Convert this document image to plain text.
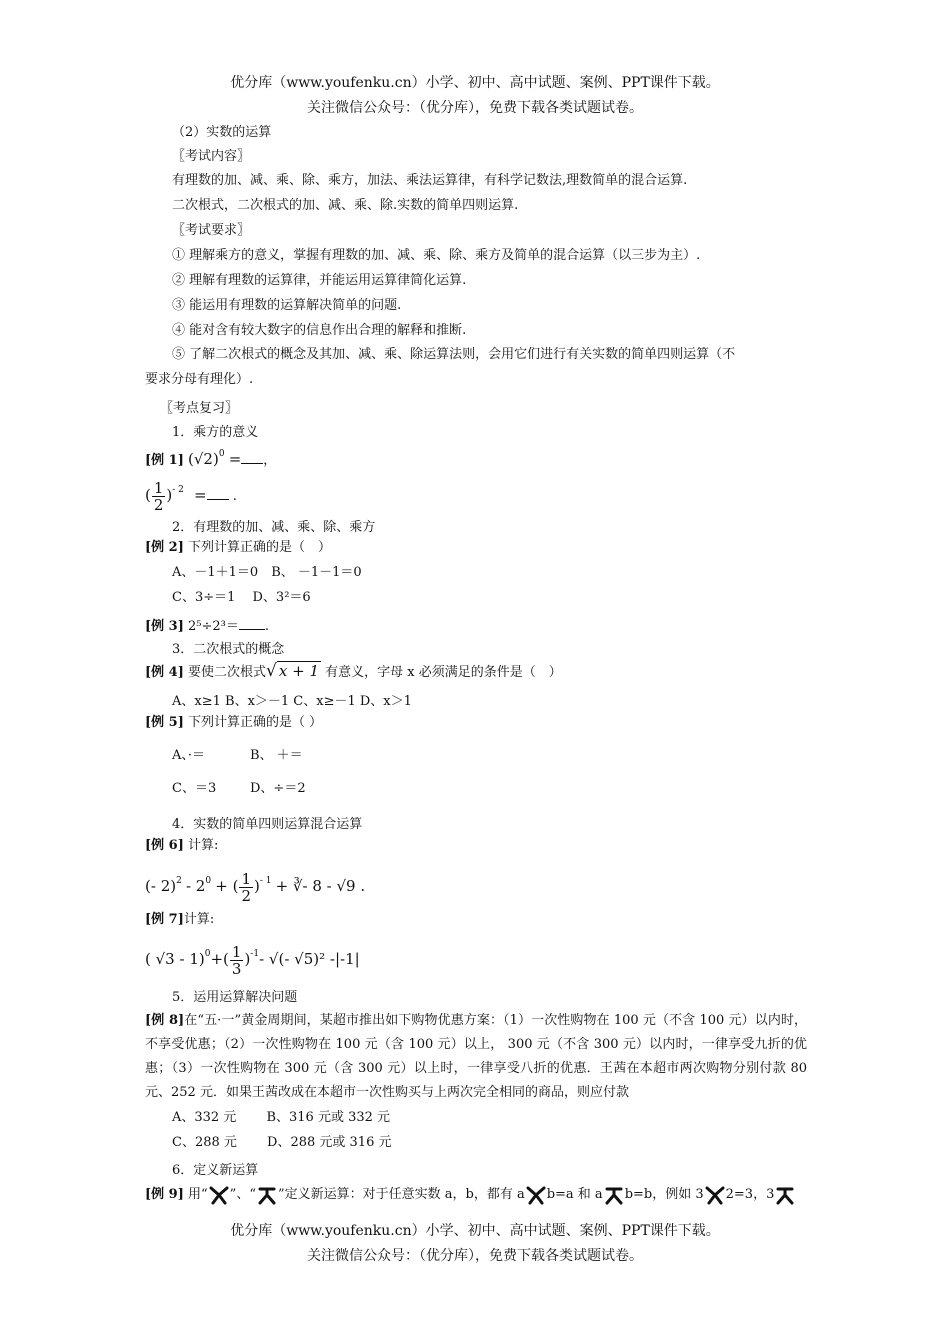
优分库（www.youfenku.cn）小学、初中、高中试题、案例、PPT课件下载。
关注微信公众号：（优分库），免费下载各类试题试卷。
（2）实数的运算
〖考试内容〗
有理数的加、减、乘、除、乘方，加法、乘法运算律，有科学记数法,理数简单的混合运算.
二次根式，二次根式的加、减、乘、除.实数的简单四则运算.
〖考试要求〗
① 理解乘方的意义，掌握有理数的加、减、乘、除、乘方及简单的混合运算（以三步为主）.
② 理解有理数的运算律，并能运用运算律简化运算.
③ 能运用有理数的运算解决简单的问题.
④ 能对含有较大数字的信息作出合理的解释和推断.
⑤ 了解二次根式的概念及其加、减、乘、除运算法则，会用它们进行有关实数的简单四则运算（不
要求分母有理化）.
〖考点复习〗
1．乘方的意义
[例 1] $(√2)^0$ = ，
( $\frac{1}{2} )^{- 2}$ = .
2．有理数的加、减、乘、除、乘方
[例 2] 下列计算正确的是（　）
A、－1＋1＝0　B、 －1－1＝0
C、3÷＝1　 D、3²＝6
[例 3] 2⁵÷2³＝ .
3．二次根式的概念
[例 4] 要使二次根式√ x + 1 有意义，字母 x 必须满足的条件是（　）
A、x≥1 B、x＞－1 C、x≥－1 D、x＞1
[例 5] 下列计算正确的是（ ）
A、·＝	B、 ＋＝
C、＝3	D、÷＝2
4．实数的简单四则运算混合运算
[例 6] 计算:
(- $2)^2 - 2^0$ + ( $\frac{1}{2} )^{- 1}$ + ∛- 8 - √9 .
[例 7]计算:
( $√3 - 1)^0+( \frac{1}{3} )^{-1}-$ √(- √5)² -|-1|
5．运用运算解决问题
[例 8]在“五·一”黄金周期间，某超市推出如下购物优惠方案：（1）一次性购物在 100 元（不含 100 元）以内时，不享受优惠；（2）一次性购物在 100 元（含 100 元）以上， 300 元（不含 300 元）以内时，一律享受九折的优惠；（3）一次性购物在 300 元（含 300 元）以上时，一律享受八折的优惠．王茜在本超市两次购物分别付款 80 元、252 元．如果王茜改成在本超市一次性购买与上两次完全相同的商品，则应付款
A、332 元　　 B、316 元或 332 元
C、288 元　　 D、288 元或 316 元
6．定义新运算
[例 9] 用“ ”、“ ”定义新运算：对于任意实数 a，b，都有 a b=a 和 a b=b，例如 3 2=3，3
优分库（www.youfenku.cn）小学、初中、高中试题、案例、PPT课件下载。
关注微信公众号：（优分库），免费下载各类试题试卷。
